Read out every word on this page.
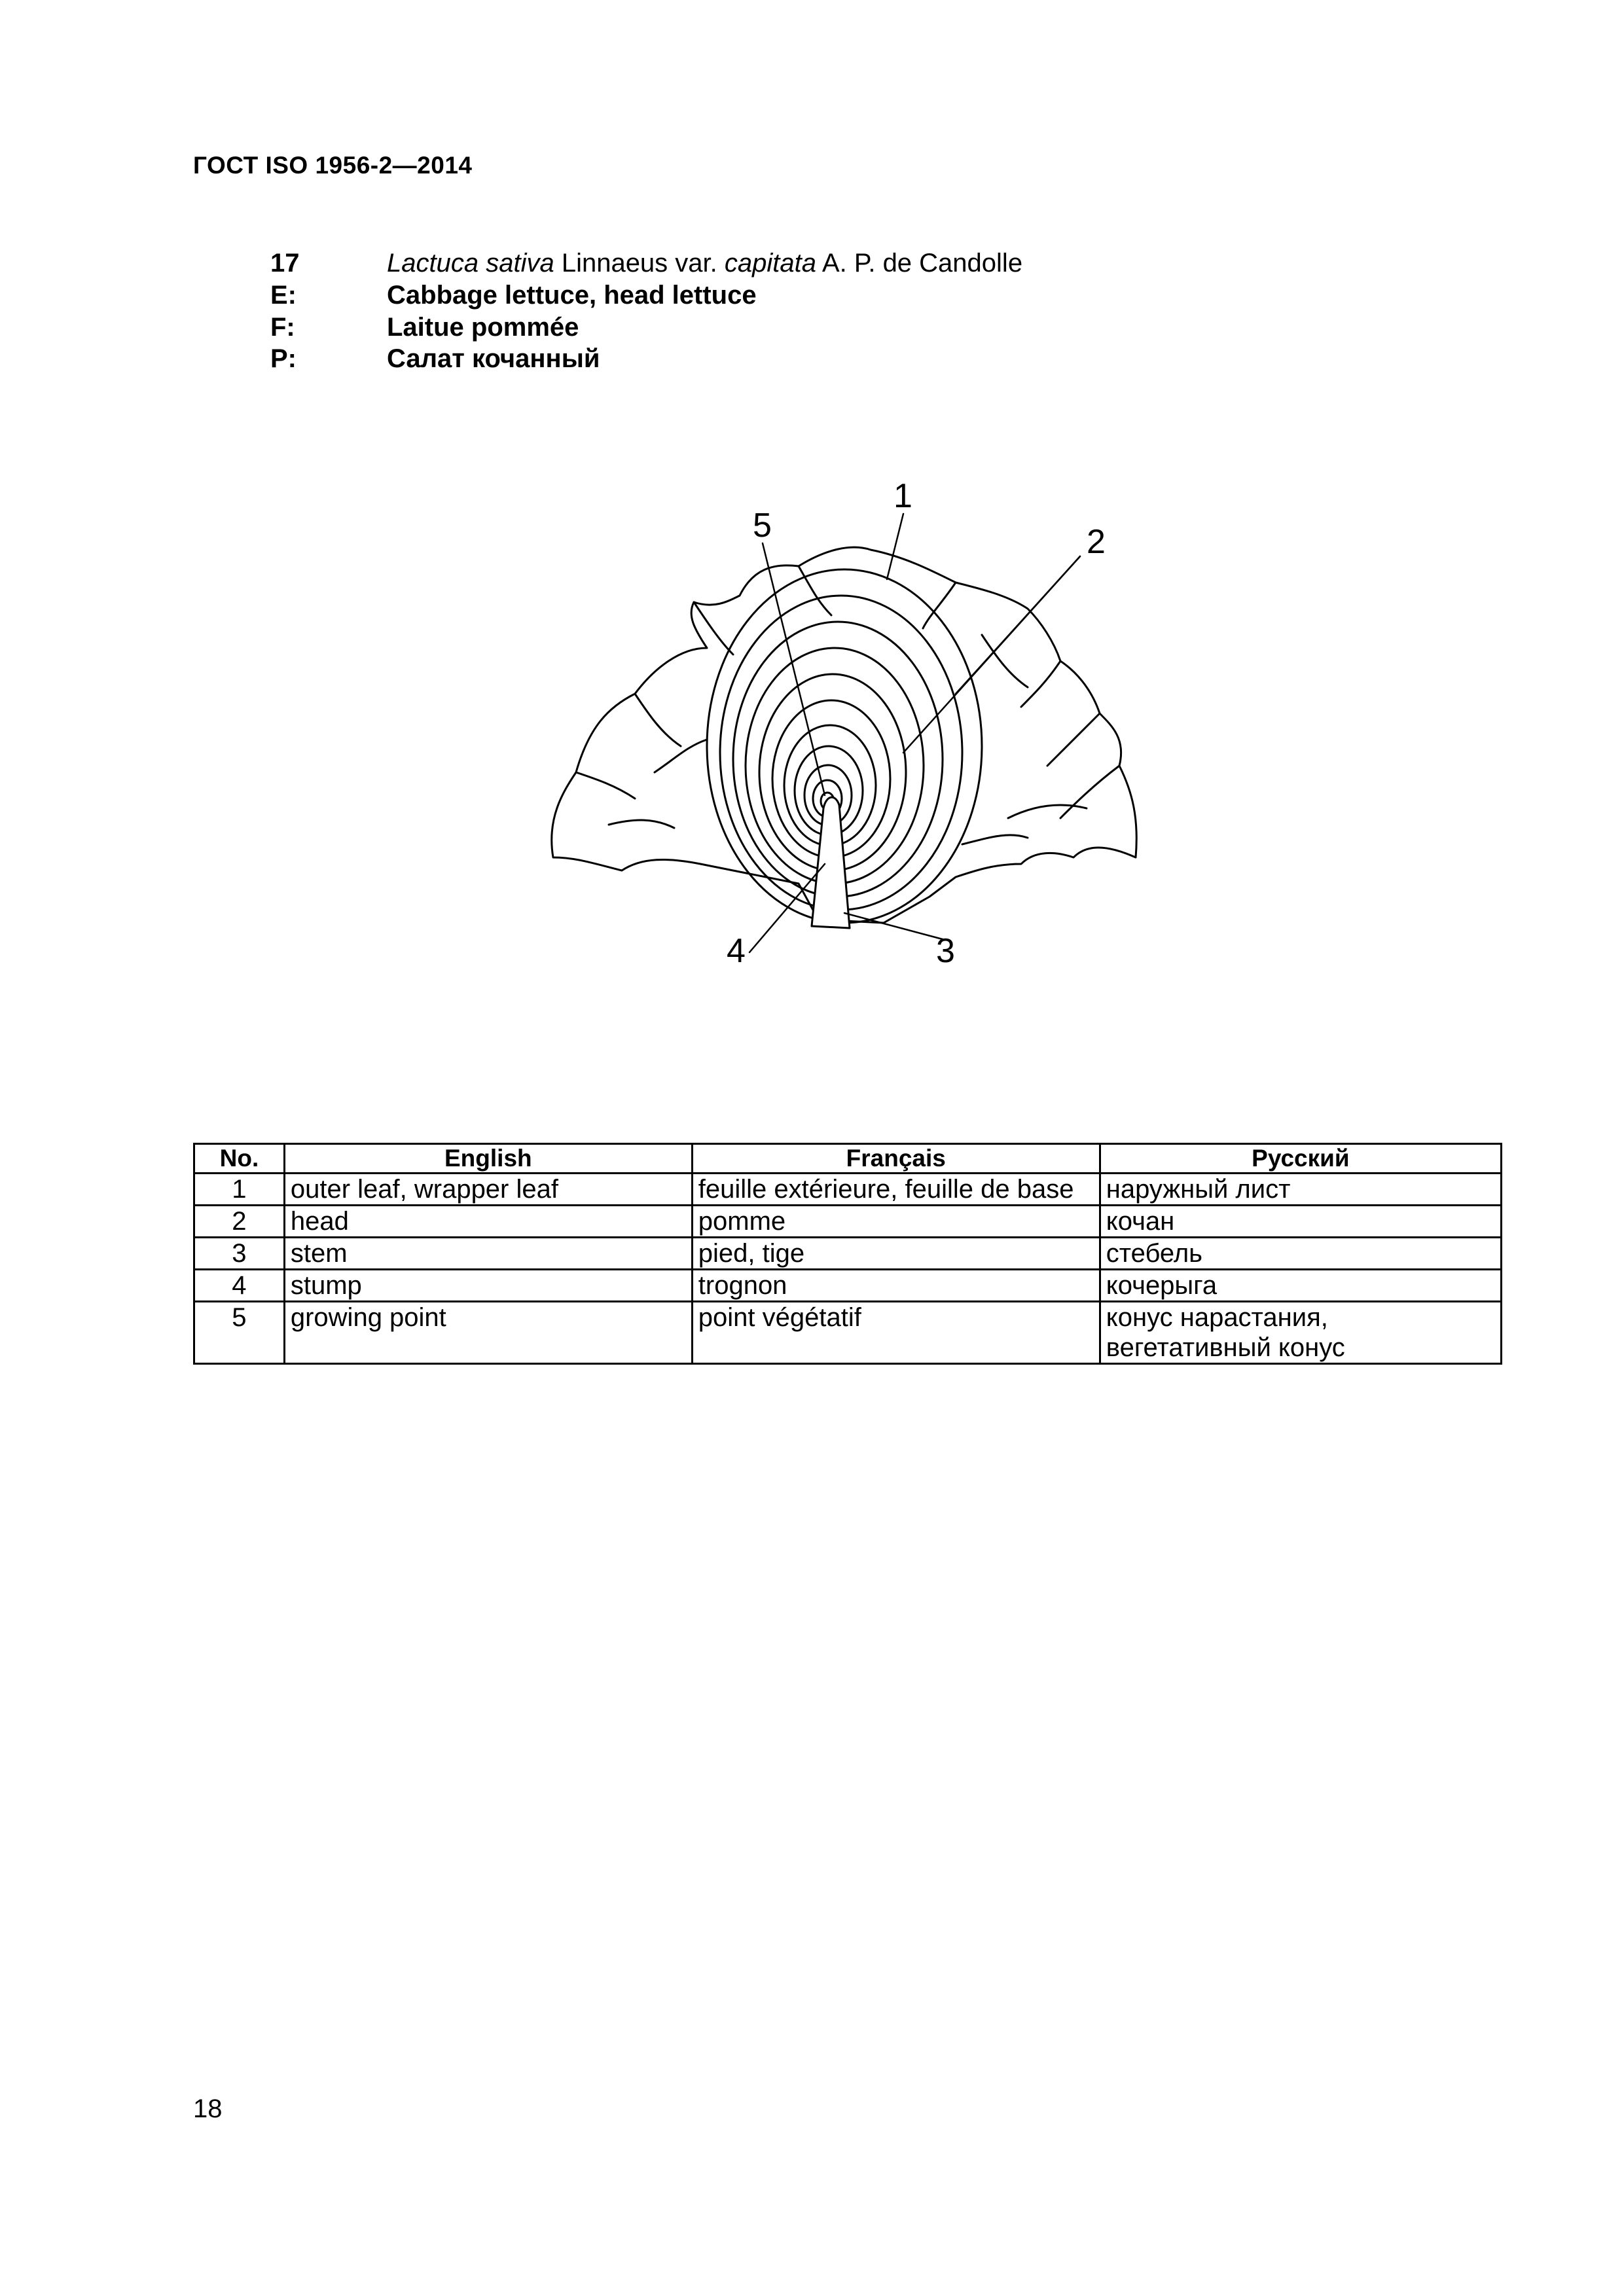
ГОСТ ISO 1956-2—2014
17	Lactuca sativa Linnaeus var. capitata A. P. de Candolle
E:	Cabbage lettuce, head lettuce
F:	Laitue pommée
P:	Салат кочанный
5
1
2
4	3
No.	English	Français	Русский
1	outer leaf, wrapper leaf	feuille extérieure, feuille de base	наружный лист
2	head	pomme	кочан
3	stem	pied, tige	стебель
4	stump	trognon	кочерыга
5	growing point	point végétatif	конус нарастания,
вегетативный конус
18
